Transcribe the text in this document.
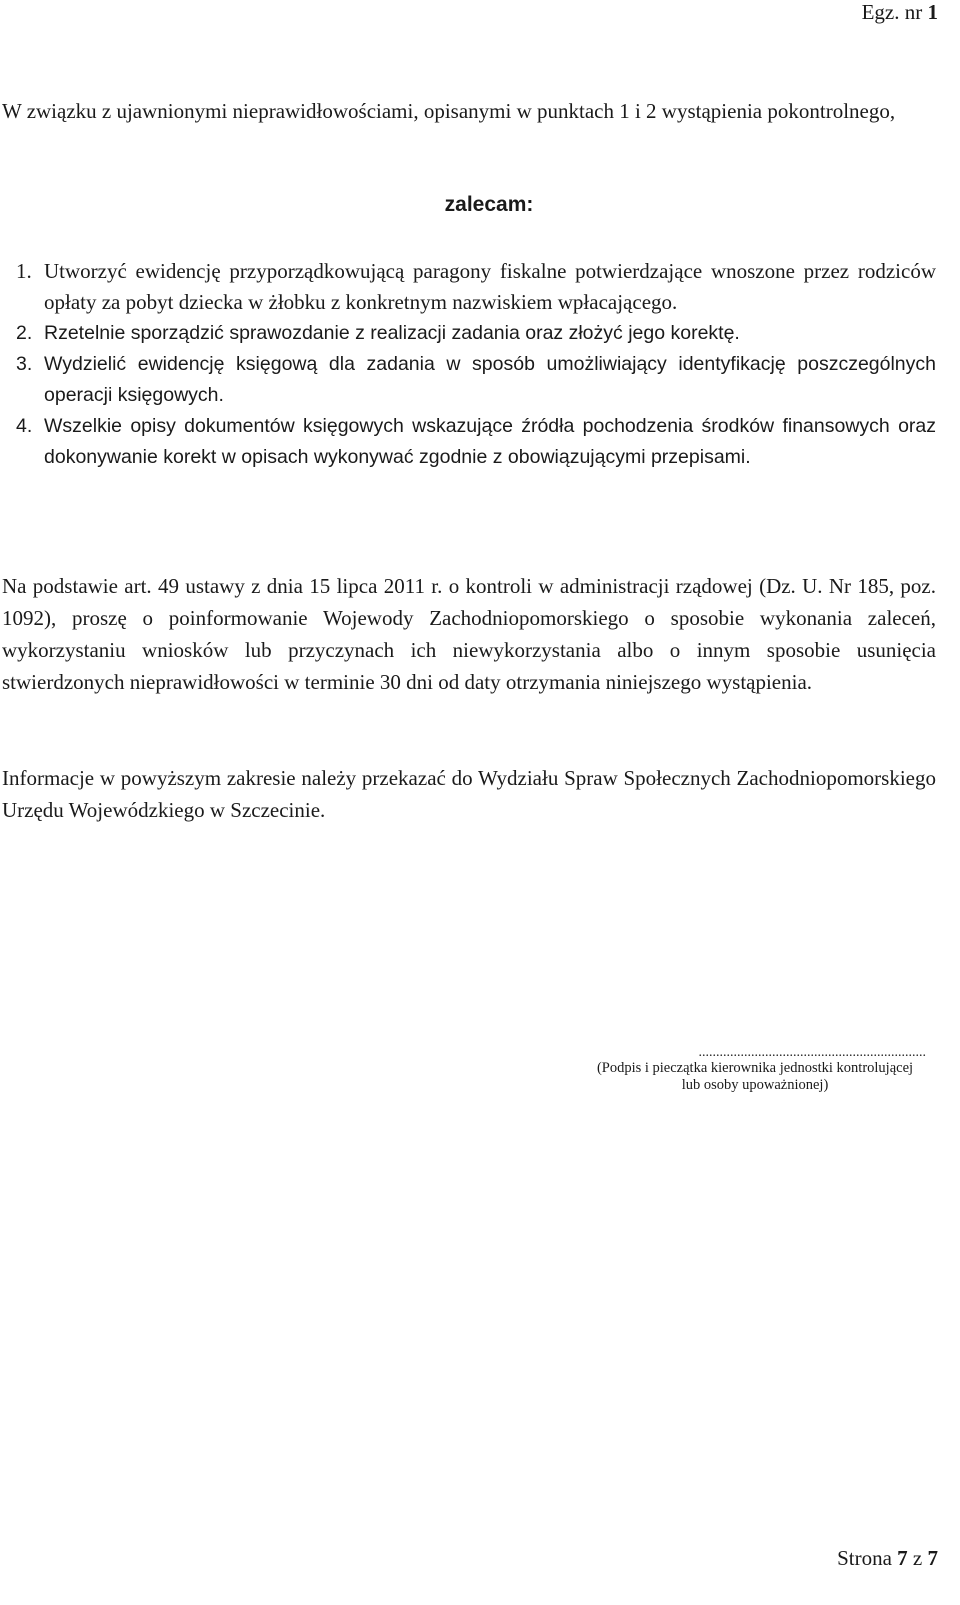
Egz. nr 1

W związku z ujawnionymi nieprawidłowościami, opisanymi w punktach 1 i 2 wystąpienia pokontrolnego,

zalecam:
1. Utworzyć ewidencję przyporządkowującą paragony fiskalne potwierdzające wnoszone przez rodziców opłaty za pobyt dziecka w żłobku z konkretnym nazwiskiem wpłacającego.
2. Rzetelnie sporządzić sprawozdanie z realizacji zadania oraz złożyć jego korektę.
3. Wydzielić ewidencję księgową dla zadania w sposób umożliwiający identyfikację poszczególnych operacji księgowych.
4. Wszelkie opisy dokumentów księgowych wskazujące źródła pochodzenia środków finansowych oraz dokonywanie korekt w opisach wykonywać zgodnie z obowiązującymi przepisami.

Na podstawie art. 49 ustawy z dnia 15 lipca 2011 r. o kontroli w administracji rządowej (Dz. U. Nr 185, poz. 1092), proszę o poinformowanie Wojewody Zachodniopomorskiego o sposobie wykonania zaleceń, wykorzystaniu wniosków lub przyczynach ich niewykorzystania albo o innym sposobie usunięcia stwierdzonych nieprawidłowości w terminie 30 dni od daty otrzymania niniejszego wystąpienia.

Informacje w powyższym zakresie należy przekazać do Wydziału Spraw Społecznych Zachodniopomorskiego Urzędu Wojewódzkiego w Szczecinie.

.................................................................
(Podpis i pieczątka kierownika jednostki kontrolującej
lub osoby upoważnionej)
Strona 7 z 7
